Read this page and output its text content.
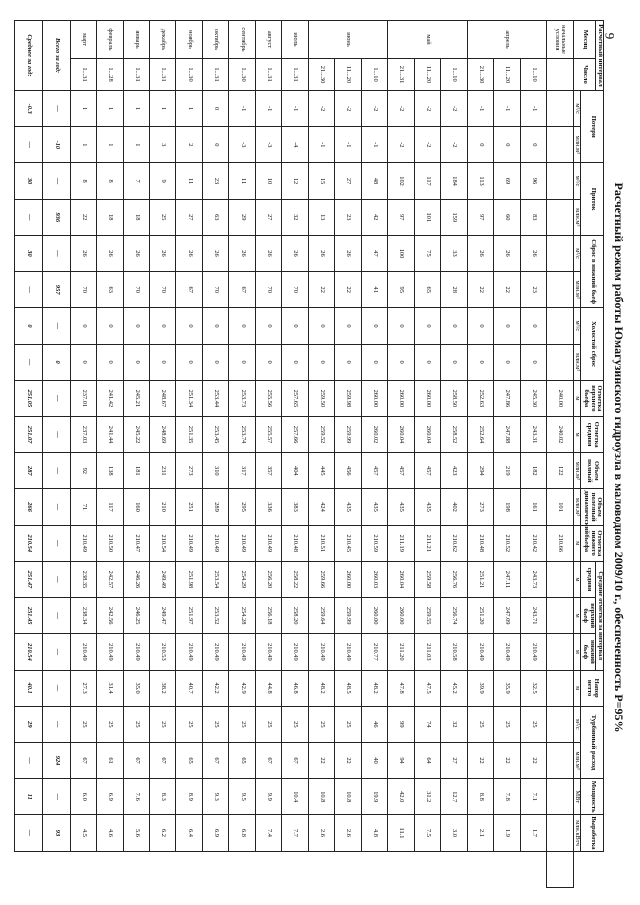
9
Расчетный режим работы Юмагузинского гидроузла в маловодном 2009/10 г., обеспеченность Р=95%
Расчетный интервал		Потери		Приток		Сброс в нижний бьеф		Холостой сброс		Отметка верхнего бьефа	Отметка средняя	Объем полный	Объем полезный динамический	Отметка нижнего бьефа	Средние отметки за интервал			Напор нетто	Турбинный расход		Мощность	Выработка	
Месяц	Число														средняя	верхний бьеф	нижний бьеф						
		м³/с	млн.м³	м³/с	млн.м³	м³/с	млн.м³	м³/с	млн.м³	м	м	млн.м³	млн.м³	м	м	м	м	м	м³/с	млн.м³	МВт	млн.кВтч	
начальные условия										240.00	240.02	122	101	210.66									
апрель	1...10	-1	0	96	83	26	23	0	0	245.30	243.31	182	161	210.42	243.73	243.71	210.49	32.5	25	22	7.1	1.7	
	11...20	-1	0	69	60	26	22	0	0	247.86	247.88	219	198	210.52	247.11	247.09	210.49	35.9	25	22	7.8	1.9	
	21...30	-1	0	113	97	26	22	0	0	252.63	252.64	294	273	210.48	251.21	251.20	210.49	39.9	25	22	8.8	2.1	
май	1...10	-2	-2	184	159	33	28	0	0	258.50	258.52	423	402	210.62	256.76	256.74	210.58	45.2	32	27	12.7	3.0	
	11...20	-2	-2	117	101	75	65	0	0	260.00	260.04	457	435	211.21	259.58	259.55	211.03	47.5	74	64	31.2	7.5	
	21...31	-2	-2	102	97	100	95	0	0	260.00	260.04	457	435	211.19	260.04	260.00	211.20	47.8	99	94	42.0	11.1	
июнь	1...10	-2	-1	48	42	47	41	0	0	260.00	260.02	457	435	210.59	260.03	260.00	210.77	48.2	46	40	19.9	4.8	
	11...20	-2	-1	27	23	26	22	0	0	259.98	259.99	456	435	210.45	260.00	259.99	210.49	48.5	25	22	10.8	2.6	
	21...30	-2	-1	15	13	26	22	0	0	259.50	259.52	445	424	210.51	259.66	259.64	210.49	48.2	25	22	10.8	2.6	
июль	1...31	-1	-4	12	32	26	70	0	0	257.65	257.66	404	383	210.48	258.22	258.20	210.49	46.8	25	67	10.4	7.7	
август	1...31	-1	-3	10	27	26	70	0	0	255.56	255.57	357	336	210.49	256.20	256.18	210.49	44.8	25	67	9.9	7.4	
сентябрь	1...30	-1	-3	11	29	26	67	0	0	253.73	253.74	317	295	210.49	254.29	254.28	210.49	42.9	25	65	9.5	6.8	
октябрь	1...31	0	0	23	63	26	70	0	0	253.44	253.45	310	289	210.49	253.54	253.52	210.49	42.2	25	67	9.3	6.9	
ноябрь	1...30	1	2	11	27	26	67	0	0	251.34	251.35	273	251	210.49	251.98	251.97	210.49	40.7	25	65	8.9	6.4	
декабрь	1...31	1	3	9	25	26	70	0	0	248.67	248.69	231	210	210.54	249.49	249.47	210.53	38.2	25	67	8.3	6.2	
январь	1...31	1	1	7	18	26	70	0	0	245.21	245.22	181	160	210.47	246.26	246.25	210.49	35.0	25	67	7.6	5.6	
февраль	1...28	1	1	8	18	26	63	0	0	241.42	241.44	138	117	210.50	242.57	242.56	210.49	31.4	25	61	6.9	4.6	
март	1...31	1	1	8	22	26	70	0	0	237.01	237.03	92	71	210.49	238.35	238.34	210.49	27.3	25	67	6.0	4.5	
Всего за год:		—	-10	—	936	—	957	—	0	—	—	—	—	—	—	—	—	—	—	924	—	93	
Среднее за год:		-0.3	—	30	—	30	—	0	—	251.05	251.07	287	266	210.54	251.47	251.45	210.54	40.1	29	—	11	—	
